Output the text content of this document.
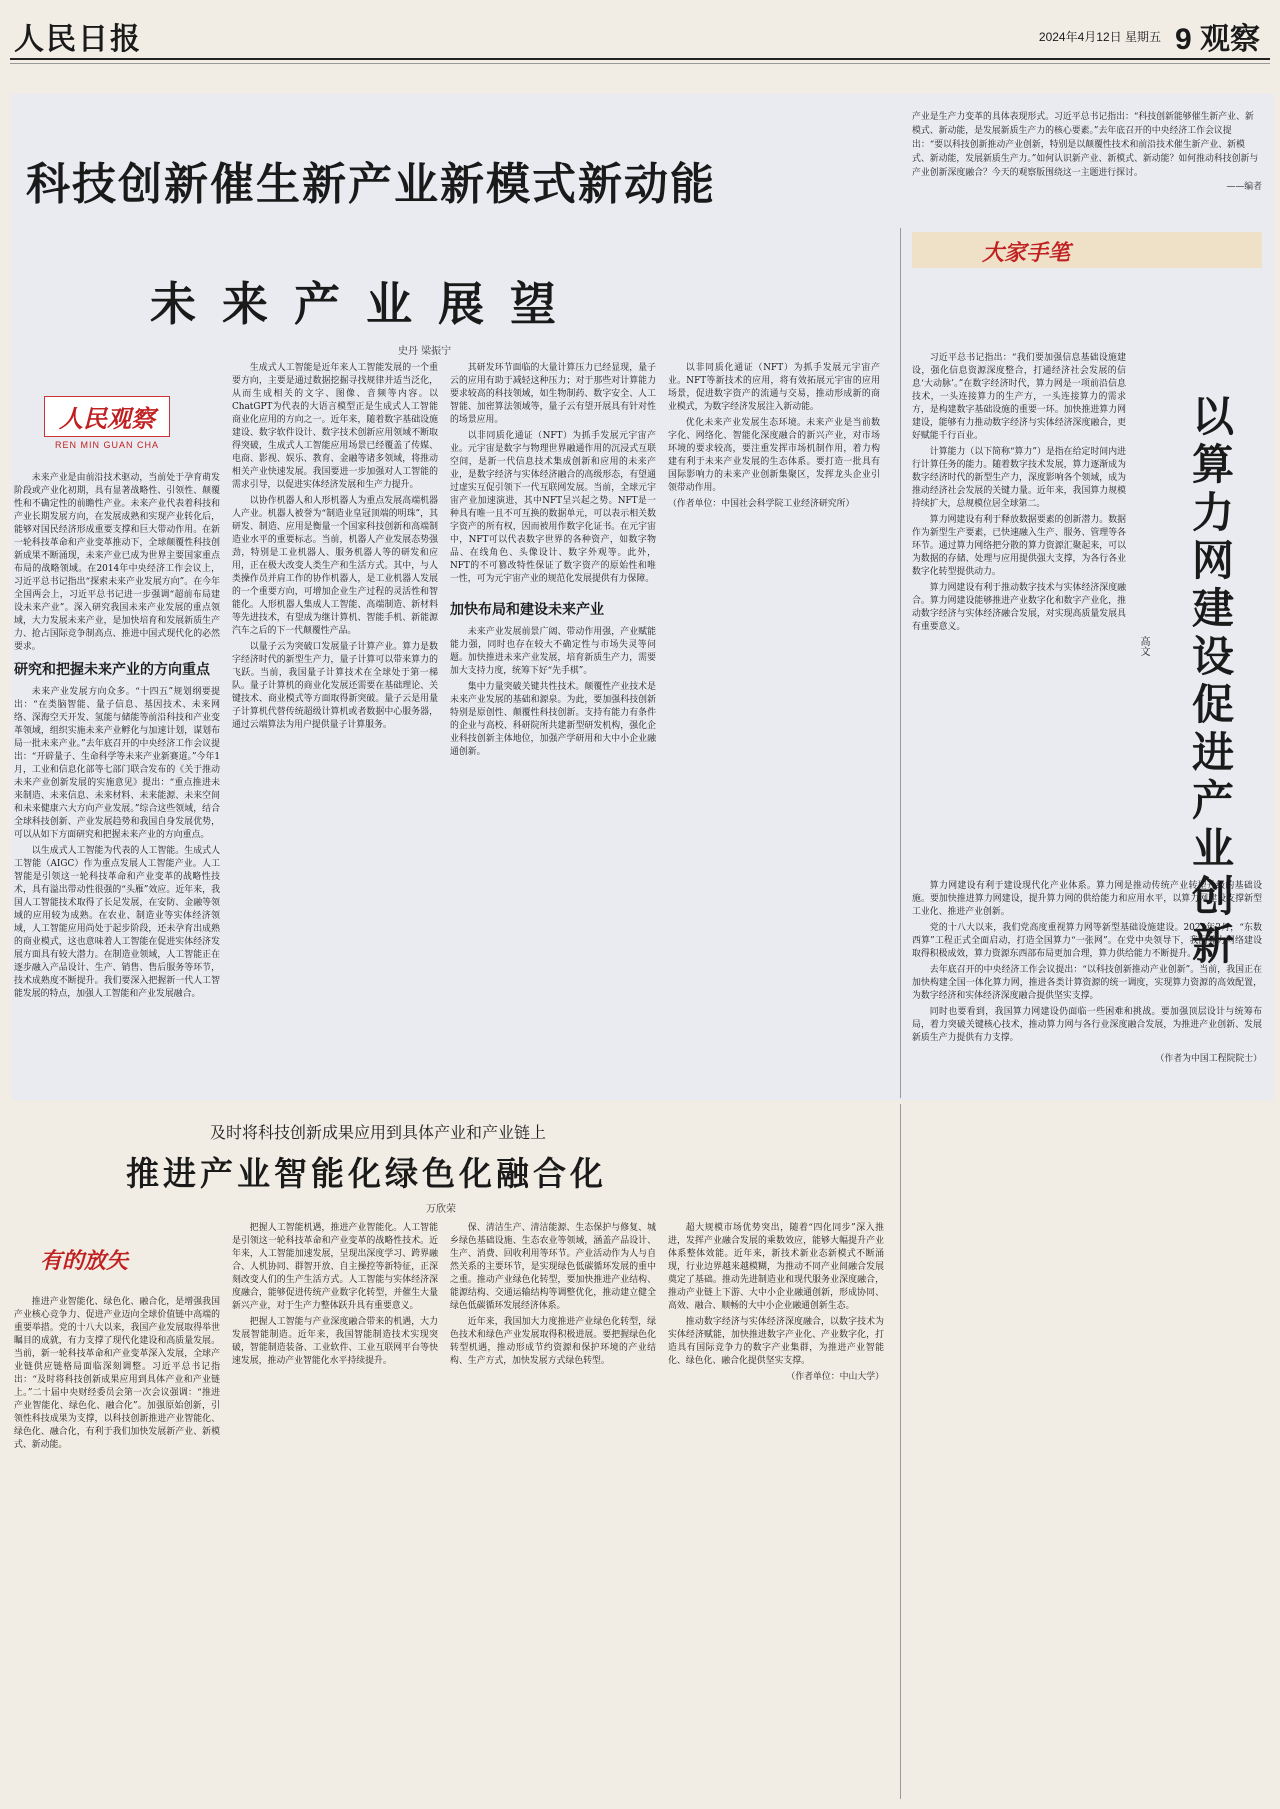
人民日报	2024年4月12日 星期五 9 观察
科技创新催生新产业新模式新动能
产业是生产力变革的具体表现形式。习近平总书记指出：“科技创新能够催生新产业、新模式、新动能，是发展新质生产力的核心要素。”去年底召开的中央经济工作会议提出：“要以科技创新推动产业创新，特别是以颠覆性技术和前沿技术催生新产业、新模式、新动能，发展新质生产力。”如何认识新产业、新模式、新动能？如何推动科技创新与产业创新深度融合？今天的观察版围绕这一主题进行探讨。
——编者
未来产业展望
史丹 梁振宁
人民观察
REN MIN GUAN CHA

未来产业是由前沿技术驱动，当前处于孕育萌发阶段或产业化初期，具有显著战略性、引领性、颠覆性和不确定性的前瞻性产业。未来产业代表着科技和产业长期发展方向，在发展成熟和实现产业转化后，能够对国民经济形成重要支撑和巨大带动作用。在新一轮科技革命和产业变革推动下，全球颠覆性科技创新成果不断涌现，未来产业已成为世界主要国家重点布局的战略领域。在2014年中央经济工作会议上，习近平总书记指出“探索未来产业发展方向”。在今年全国两会上，习近平总书记进一步强调“超前布局建设未来产业”。深入研究我国未来产业发展的重点领域，大力发展未来产业，是加快培育和发展新质生产力、抢占国际竞争制高点、推进中国式现代化的必然要求。

研究和把握未来产业的方向重点

未来产业发展方向众多。“十四五”规划纲要提出：“在类脑智能、量子信息、基因技术、未来网络、深海空天开发、氢能与储能等前沿科技和产业变革领域，组织实施未来产业孵化与加速计划，谋划布局一批未来产业。”去年底召开的中央经济工作会议提出：“开辟量子、生命科学等未来产业新赛道。”今年1月，工业和信息化部等七部门联合发布的《关于推动未来产业创新发展的实施意见》提出：“重点推进未来制造、未来信息、未来材料、未来能源、未来空间和未来健康六大方向产业发展。”综合这些领域，结合全球科技创新、产业发展趋势和我国自身发展优势，可以从如下方面研究和把握未来产业的方向重点。

以生成式人工智能为代表的人工智能。生成式人工智能（AIGC）作为重点发展人工智能产业。人工智能是引领这一轮科技革命和产业变革的战略性技术，具有溢出带动性很强的“头雁”效应。近年来，我国人工智能技术取得了长足发展，在安防、金融等领域的应用较为成熟。在农业、制造业等实体经济领域，人工智能应用尚处于起步阶段，还未孕育出成熟的商业模式，这也意味着人工智能在促进实体经济发展方面具有较大潜力。在制造业领域，人工智能正在逐步融入产品设计、生产、销售、售后服务等环节，技术成熟度不断提升。我们要深入把握新一代人工智能发展的特点，加强人工智能和产业发展融合。

生成式人工智能是近年来人工智能发展的一个重要方向，主要是通过数据挖掘寻找规律并适当泛化，从而生成相关的文字、图像、音频等内容。以ChatGPT为代表的大语言模型正是生成式人工智能商业化应用的方向之一。近年来，随着数字基础设施建设、数字软件设计、数字技术创新应用领域不断取得突破，生成式人工智能应用场景已经覆盖了传媒、电商、影视、娱乐、教育、金融等诸多领域，将推动相关产业快速发展。我国要进一步加强对人工智能的需求引导，以促进实体经济发展和生产力提升。

以协作机器人和人形机器人为重点发展高端机器人产业。机器人被誉为“制造业皇冠顶端的明珠”，其研发、制造、应用是衡量一个国家科技创新和高端制造业水平的重要标志。当前，机器人产业发展态势强劲，特别是工业机器人、服务机器人等的研发和应用，正在极大改变人类生产和生活方式。其中，与人类操作员并肩工作的协作机器人，是工业机器人发展的一个重要方向，可增加企业生产过程的灵活性和智能化。人形机器人集成人工智能、高端制造、新材料等先进技术，有望成为继计算机、智能手机、新能源汽车之后的下一代颠覆性产品。

以量子云为突破口发展量子计算产业。算力是数字经济时代的新型生产力，量子计算可以带来算力的飞跃。当前，我国量子计算技术在全球处于第一梯队。量子计算机的商业化发展还需要在基础理论、关键技术、商业模式等方面取得新突破。量子云是用量子计算机代替传统超级计算机或者数据中心服务器，通过云端算法为用户提供量子计算服务。

其研发环节面临的大量计算压力已经显现，量子云的应用有助于减轻这种压力；对于那些对计算能力要求较高的科技领域，如生物制药、数字安全、人工智能、加密算法领域等，量子云有望开展具有针对性的场景应用。

以非同质化通证（NFT）为抓手发展元宇宙产业。元宇宙是数字与物理世界融通作用的沉浸式互联空间，是新一代信息技术集成创新和应用的未来产业，是数字经济与实体经济融合的高级形态，有望通过虚实互促引领下一代互联网发展。当前，全球元宇宙产业加速演进，其中NFT呈兴起之势。NFT是一种具有唯一且不可互换的数据单元，可以表示相关数字资产的所有权，因而被用作数字化证书。在元宇宙中，NFT可以代表数字世界的各种资产，如数字物品、在线角色、头像设计、数字外观等。此外，NFT的不可篡改特性保证了数字资产的原始性和唯一性，可为元宇宙产业的规范化发展提供有力保障。

加快布局和建设未来产业

未来产业发展前景广阔、带动作用强，产业赋能能力强，同时也存在较大不确定性与市场失灵等问题。加快推进未来产业发展，培育新质生产力，需要加大支持力度，统筹下好“先手棋”。

集中力量突破关键共性技术。颠覆性产业技术是未来产业发展的基础和源泉。为此，要加强科技创新特别是原创性、颠覆性科技创新。支持有能力有条件的企业与高校、科研院所共建新型研发机构，强化企业科技创新主体地位，加强产学研用和大中小企业融通创新。

以非同质化通证（NFT）为抓手发展元宇宙产业。NFT等新技术的应用，将有效拓展元宇宙的应用场景，促进数字资产的流通与交易，推动形成新的商业模式，为数字经济发展注入新动能。

优化未来产业发展生态环境。未来产业是当前数字化、网络化、智能化深度融合的新兴产业，对市场环境的要求较高，要注重发挥市场机制作用，着力构建有利于未来产业发展的生态体系。要打造一批具有国际影响力的未来产业创新集聚区，发挥龙头企业引领带动作用。

（作者单位：中国社会科学院工业经济研究所）

大家手笔
以算力网建设促进产业创新
高文

习近平总书记指出：“我们要加强信息基础设施建设，强化信息资源深度整合，打通经济社会发展的信息‘大动脉’。”在数字经济时代，算力网是一项前沿信息技术，一头连接算力的生产方，一头连接算力的需求方，是构建数字基础设施的重要一环。加快推进算力网建设，能够有力推动数字经济与实体经济深度融合，更好赋能千行百业。

计算能力（以下简称“算力”）是指在给定时间内进行计算任务的能力。随着数字技术发展，算力逐渐成为数字经济时代的新型生产力，深度影响各个领域，成为推动经济社会发展的关键力量。近年来，我国算力规模持续扩大，总规模位居全球第二。

算力网建设有利于释放数据要素的创新潜力。数据作为新型生产要素，已快速融入生产、服务、管理等各环节。通过算力网络把分散的算力资源汇聚起来，可以为数据的存储、处理与应用提供强大支撑，为各行各业数字化转型提供动力。

算力网建设有利于推动数字技术与实体经济深度融合。算力网建设能够推进产业数字化和数字产业化，推动数字经济与实体经济融合发展，对实现高质量发展具有重要意义。

算力网建设有利于建设现代化产业体系。算力网是推动传统产业转型升级的基础设施。要加快推进算力网建设，提升算力网的供给能力和应用水平，以算力网建设支撑新型工业化、推进产业创新。

党的十八大以来，我们党高度重视算力网等新型基础设施建设。2022年2月，“东数西算”工程正式全面启动，打造全国算力“一张网”。在党中央领导下，我国算力网络建设取得积极成效，算力资源东西部布局更加合理，算力供给能力不断提升。

去年底召开的中央经济工作会议提出：“以科技创新推动产业创新”。当前，我国正在加快构建全国一体化算力网，推进各类计算资源的统一调度，实现算力资源的高效配置，为数字经济和实体经济深度融合提供坚实支撑。

同时也要看到，我国算力网建设仍面临一些困难和挑战。要加强顶层设计与统筹布局，着力突破关键核心技术，推动算力网与各行业深度融合发展，为推进产业创新、发展新质生产力提供有力支撑。

（作者为中国工程院院士）

及时将科技创新成果应用到具体产业和产业链上
推进产业智能化绿色化融合化
万欣荣
有的放矢

推进产业智能化、绿色化、融合化，是增强我国产业核心竞争力、促进产业迈向全球价值链中高端的重要举措。党的十八大以来，我国产业发展取得举世瞩目的成就，有力支撑了现代化建设和高质量发展。当前，新一轮科技革命和产业变革深入发展，全球产业链供应链格局面临深刻调整。习近平总书记指出：“及时将科技创新成果应用到具体产业和产业链上。”二十届中央财经委员会第一次会议强调：“推进产业智能化、绿色化、融合化”。加强原始创新，引领性科技成果为支撑，以科技创新推进产业智能化、绿色化、融合化，有利于我们加快发展新产业、新模式、新动能。

把握人工智能机遇，推进产业智能化。人工智能是引领这一轮科技革命和产业变革的战略性技术。近年来，人工智能加速发展，呈现出深度学习、跨界融合、人机协同、群智开放、自主操控等新特征，正深刻改变人们的生产生活方式。人工智能与实体经济深度融合，能够促进传统产业数字化转型，并催生大量新兴产业，对于生产力整体跃升具有重要意义。

把握人工智能与产业深度融合带来的机遇，大力发展智能制造。近年来，我国智能制造技术实现突破，智能制造装备、工业软件、工业互联网平台等快速发展，推动产业智能化水平持续提升。

保、清洁生产、清洁能源、生态保护与修复、城乡绿色基础设施、生态农业等领域，涵盖产品设计、生产、消费、回收利用等环节。产业活动作为人与自然关系的主要环节，是实现绿色低碳循环发展的重中之重。推动产业绿色化转型，要加快推进产业结构、能源结构、交通运输结构等调整优化，推动建立健全绿色低碳循环发展经济体系。

近年来，我国加大力度推进产业绿色化转型，绿色技术和绿色产业发展取得积极进展。要把握绿色化转型机遇，推动形成节约资源和保护环境的产业结构、生产方式，加快发展方式绿色转型。

超大规模市场优势突出，随着“四化同步”深入推进，发挥产业融合发展的乘数效应，能够大幅提升产业体系整体效能。近年来，新技术新业态新模式不断涌现，行业边界越来越模糊，为推动不同产业间融合发展奠定了基础。推动先进制造业和现代服务业深度融合，推动产业链上下游、大中小企业融通创新，形成协同、高效、融合、顺畅的大中小企业融通创新生态。

推动数字经济与实体经济深度融合，以数字技术为实体经济赋能，加快推进数字产业化、产业数字化，打造具有国际竞争力的数字产业集群，为推进产业智能化、绿色化、融合化提供坚实支撑。

（作者单位：中山大学）
